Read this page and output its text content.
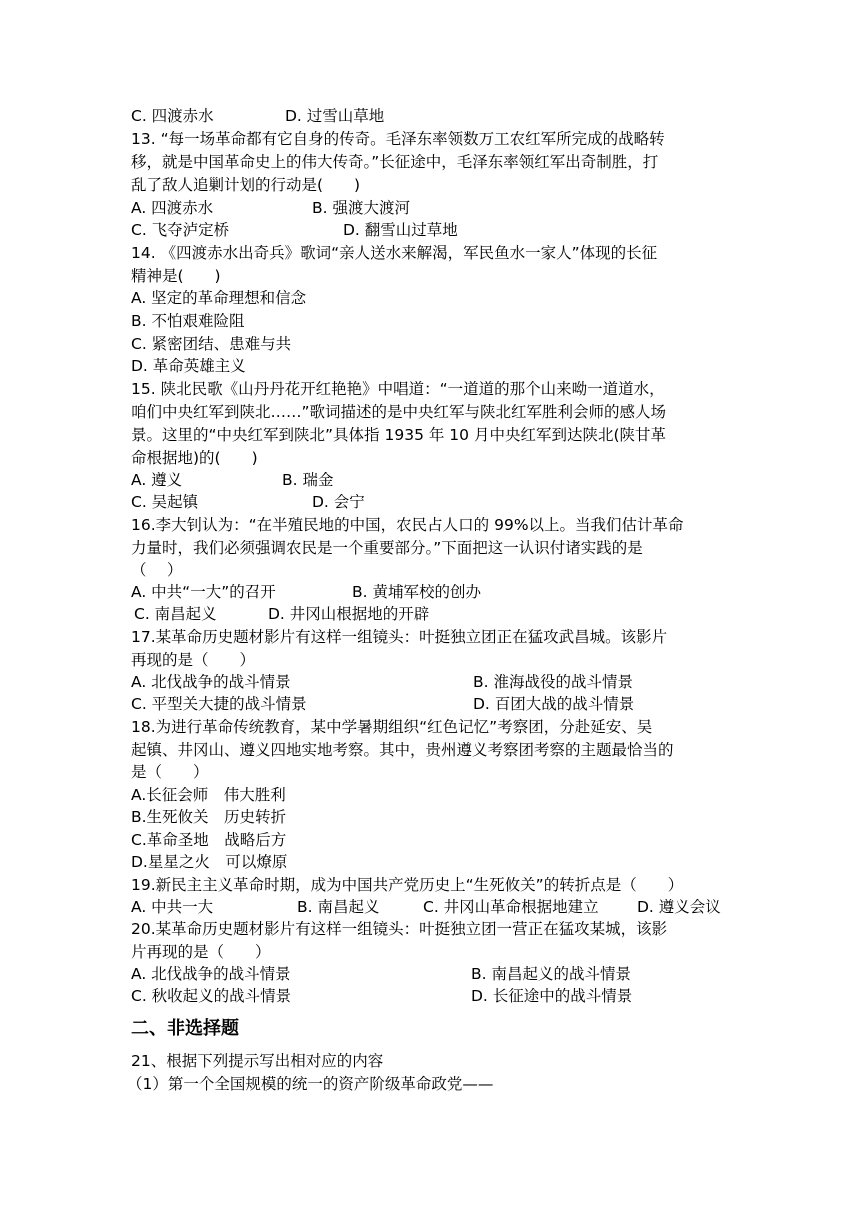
C. 四渡赤水	D. 过雪山草地
13. “每一场革命都有它自身的传奇。毛泽东率领数万工农红军所完成的战略转
移，就是中国革命史上的伟大传奇。”长征途中，毛泽东率领红军出奇制胜，打
乱了敌人追剿计划的行动是(　　)
A. 四渡赤水	B. 强渡大渡河
C. 飞夺泸定桥	D. 翻雪山过草地
14. 《四渡赤水出奇兵》歌词“亲人送水来解渴，军民鱼水一家人”体现的长征
精神是(　　)
A. 坚定的革命理想和信念
B. 不怕艰难险阻
C. 紧密团结、患难与共
D. 革命英雄主义
15. 陕北民歌《山丹丹花开红艳艳》中唱道：“一道道的那个山来呦一道道水，
咱们中央红军到陕北……”歌词描述的是中央红军与陕北红军胜利会师的感人场
景。这里的“中央红军到陕北”具体指 1935 年 10 月中央红军到达陕北(陕甘革
命根据地)的(　　)
A. 遵义	B. 瑞金
C. 吴起镇	D. 会宁
16.李大钊认为：“在半殖民地的中国，农民占人口的 99%以上。当我们估计革命
力量时，我们必须强调农民是一个重要部分。”下面把这一认识付诸实践的是
（　 ）
A. 中共“一大”的召开	B. 黄埔军校的创办
C. 南昌起义	D. 井冈山根据地的开辟
17.某革命历史题材影片有这样一组镜头：叶挺独立团正在猛攻武昌城。该影片
再现的是（　　）
A. 北伐战争的战斗情景	B. 淮海战役的战斗情景
C. 平型关大捷的战斗情景	D. 百团大战的战斗情景
18.为进行革命传统教育，某中学暑期组织“红色记忆”考察团，分赴延安、吴
起镇、井冈山、遵义四地实地考察。其中，贵州遵义考察团考察的主题最恰当的
是（　　）
A.长征会师　伟大胜利
B.生死攸关　历史转折
C.革命圣地　战略后方
D.星星之火　可以燎原
19.新民主主义革命时期，成为中国共产党历史上“生死攸关”的转折点是（　　）
A. 中共一大	B. 南昌起义	C. 井冈山革命根据地建立 D. 遵义会议
20.某革命历史题材影片有这样一组镜头：叶挺独立团一营正在猛攻某城，该影
片再现的是（　　）
A. 北伐战争的战斗情景	B. 南昌起义的战斗情景
C. 秋收起义的战斗情景	D. 长征途中的战斗情景
二、非选择题
21、根据下列提示写出相对应的内容
（1）第一个全国规模的统一的资产阶级革命政党——
